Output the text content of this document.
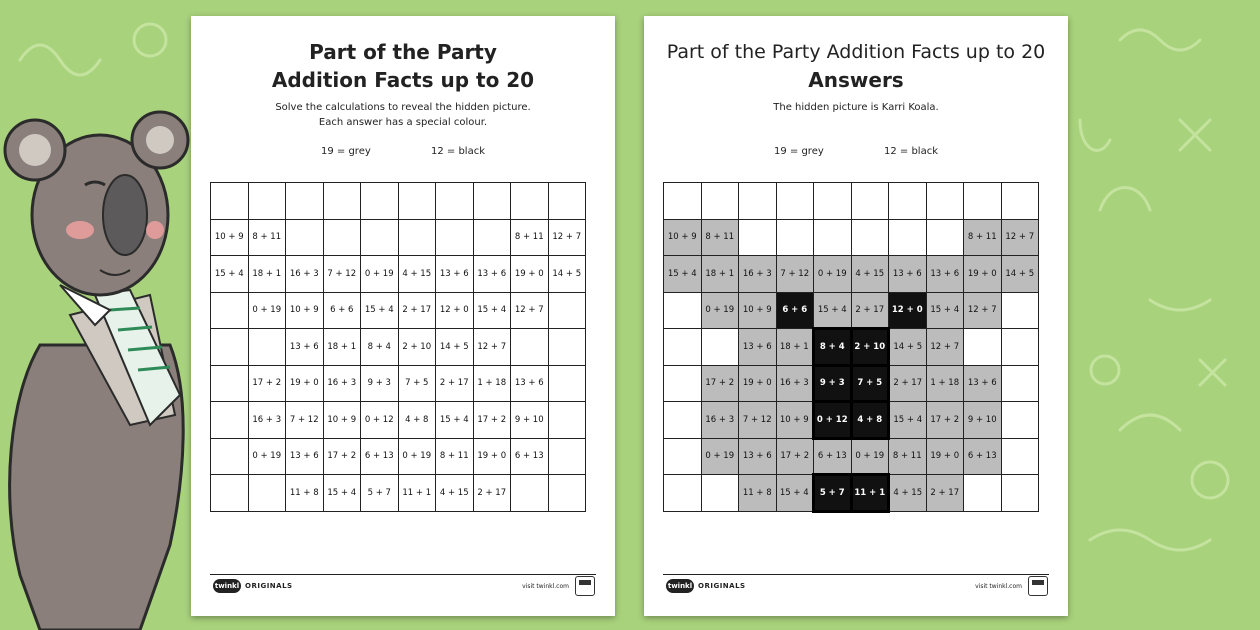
Part of the Party
Addition Facts up to 20
Solve the calculations to reveal the hidden picture.
Each answer has a special colour.
19 = grey	12 = black

10 + 9	8 + 11							8 + 11	12 + 7
15 + 4	18 + 1	16 + 3	7 + 12	0 + 19	4 + 15	13 + 6	13 + 6	19 + 0	14 + 5
	0 + 19	10 + 9	6 + 6	15 + 4	2 + 17	12 + 0	15 + 4	12 + 7	
		13 + 6	18 + 1	8 + 4	2 + 10	14 + 5	12 + 7		
	17 + 2	19 + 0	16 + 3	9 + 3	7 + 5	2 + 17	1 + 18	13 + 6	
	16 + 3	7 + 12	10 + 9	0 + 12	4 + 8	15 + 4	17 + 2	9 + 10	
	0 + 19	13 + 6	17 + 2	6 + 13	0 + 19	8 + 11	19 + 0	6 + 13	
		11 + 8	15 + 4	5 + 7	11 + 1	4 + 15	2 + 17		
twinkl ORIGINALS	visit twinkl.com
Part of the Party Addition Facts up to 20
Answers
The hidden picture is Karri Koala.
19 = grey	12 = black

10 + 9	8 + 11							8 + 11	12 + 7
15 + 4	18 + 1	16 + 3	7 + 12	0 + 19	4 + 15	13 + 6	13 + 6	19 + 0	14 + 5
	0 + 19	10 + 9	6 + 6	15 + 4	2 + 17	12 + 0	15 + 4	12 + 7	
		13 + 6	18 + 1	8 + 4	2 + 10	14 + 5	12 + 7		
	17 + 2	19 + 0	16 + 3	9 + 3	7 + 5	2 + 17	1 + 18	13 + 6	
	16 + 3	7 + 12	10 + 9	0 + 12	4 + 8	15 + 4	17 + 2	9 + 10	
	0 + 19	13 + 6	17 + 2	6 + 13	0 + 19	8 + 11	19 + 0	6 + 13	
		11 + 8	15 + 4	5 + 7	11 + 1	4 + 15	2 + 17		
twinkl ORIGINALS	visit twinkl.com
